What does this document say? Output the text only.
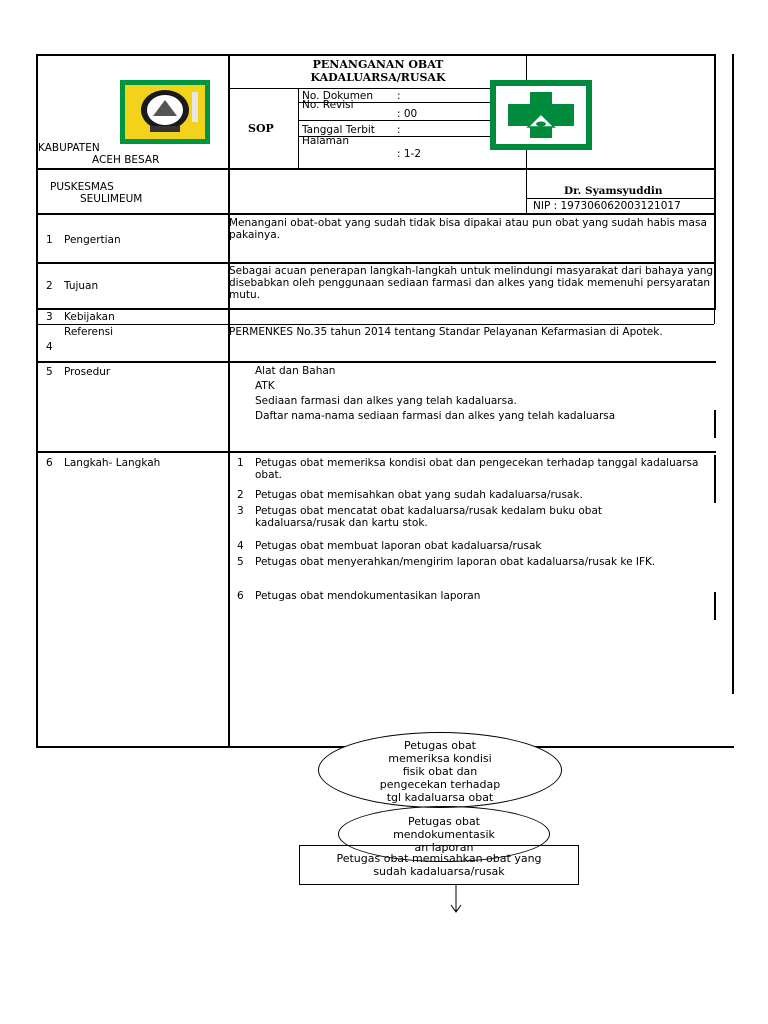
KABUPATEN
ACEH BESAR
PENANGANAN OBAT
KADALUARSA/RUSAK
SOP
No. Dokumen :
No. Revisi
: 00
Tanggal Terbit :
Halaman
: 1-2
PUSKESMAS
SEULIMEUM
Dr. Syamsyuddin
NIP : 197306062003121017
1 Pengertian
Menangani obat-obat yang sudah tidak bisa dipakai atau pun obat yang sudah habis masa pakainya.
2 Tujuan
Sebagai acuan penerapan langkah-langkah untuk melindungi masyarakat dari bahaya yang disebabkan oleh penggunaan sediaan farmasi dan alkes yang tidak memenuhi persyaratan mutu.
3 Kebijakan
Referensi
4
PERMENKES No.35 tahun 2014 tentang Standar Pelayanan Kefarmasian di Apotek.
5 Prosedur	Alat dan Bahan
ATK
Sediaan farmasi dan alkes yang telah kadaluarsa.
Daftar nama-nama sediaan farmasi dan alkes yang telah kadaluarsa
6 Langkah- Langkah	1 Petugas obat memeriksa kondisi obat dan pengecekan terhadap tanggal kadaluarsa obat.
2 Petugas obat memisahkan obat yang sudah kadaluarsa/rusak.
3 Petugas obat mencatat obat kadaluarsa/rusak kedalam buku obat kadaluarsa/rusak dan kartu stok.
4 Petugas obat membuat laporan obat kadaluarsa/rusak
5 Petugas obat menyerahkan/mengirim laporan obat kadaluarsa/rusak ke IFK.
6 Petugas obat mendokumentasikan laporan
Petugas obat memisahkan obat yang
sudah kadaluarsa/rusak
Petugas obat
memeriksa kondisi
fisik obat dan
pengecekan terhadap
tgl kadaluarsa obat
Petugas obat
mendokumentasik
an laporan
